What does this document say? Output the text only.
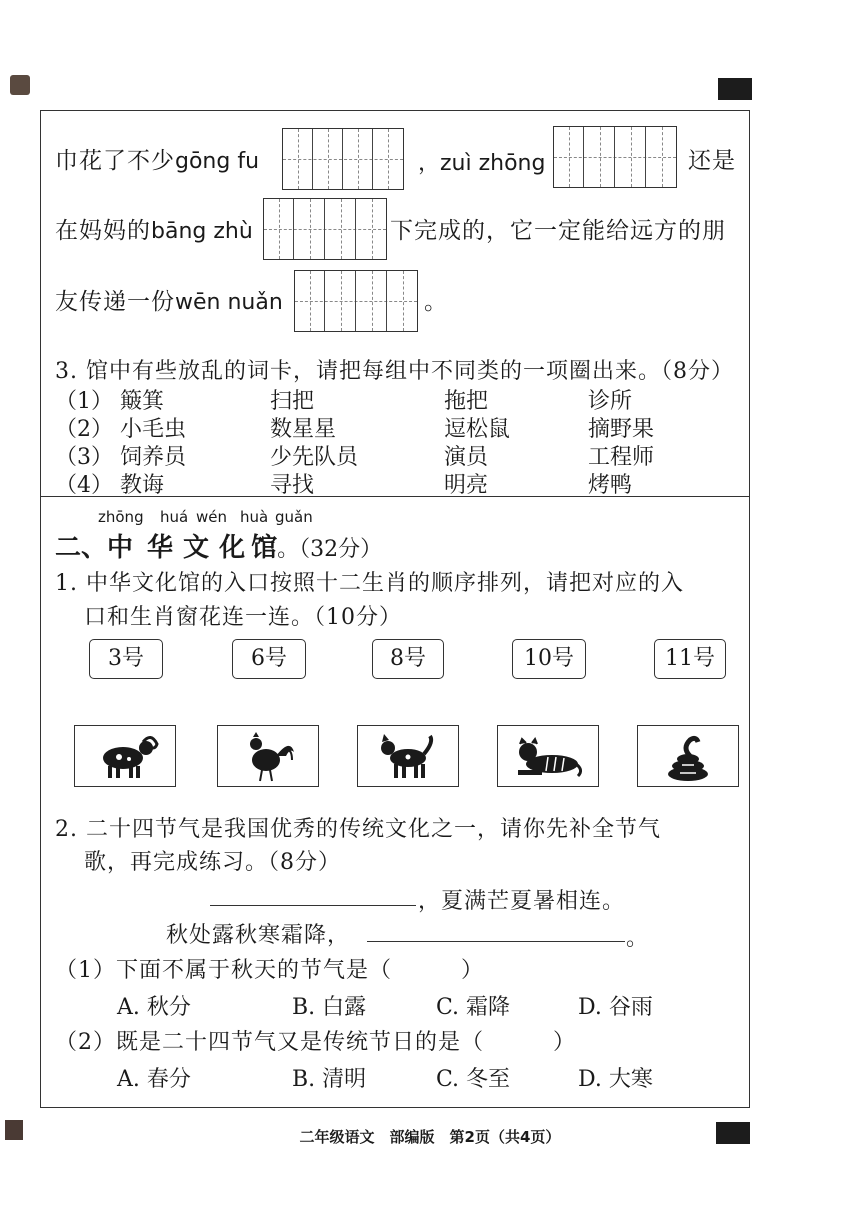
巾花了不少gōng fu	，zuì zhōng	还是
在妈妈的bāng zhù	下完成的，它一定能给远方的朋
友传递一份wēn nuǎn	。
3. 馆中有些放乱的词卡，请把每组中不同类的一项圈出来。（8分）
（1） 簸箕	扫把	拖把	诊所
（2） 小毛虫	数星星	逗松鼠	摘野果
（3） 饲养员	少先队员	演员	工程师
（4） 教诲	寻找	明亮	烤鸭
zhōng huá wén huà guǎn
二、中 华 文 化 馆。（32分）
1. 中华文化馆的入口按照十二生肖的顺序排列，请把对应的入
口和生肖窗花连一连。（10分）
3号	6号	8号	10号	11号
2. 二十四节气是我国优秀的传统文化之一，请你先补全节气
歌，再完成练习。（8分）
，夏满芒夏暑相连。
秋处露秋寒霜降，	。
（1）下面不属于秋天的节气是（　　　）
A. 秋分	B. 白露	C. 霜降	D. 谷雨
（2）既是二十四节气又是传统节日的是（　　　）
A. 春分	B. 清明	C. 冬至	D. 大寒
二年级语文　部编版　第2页（共4页）
